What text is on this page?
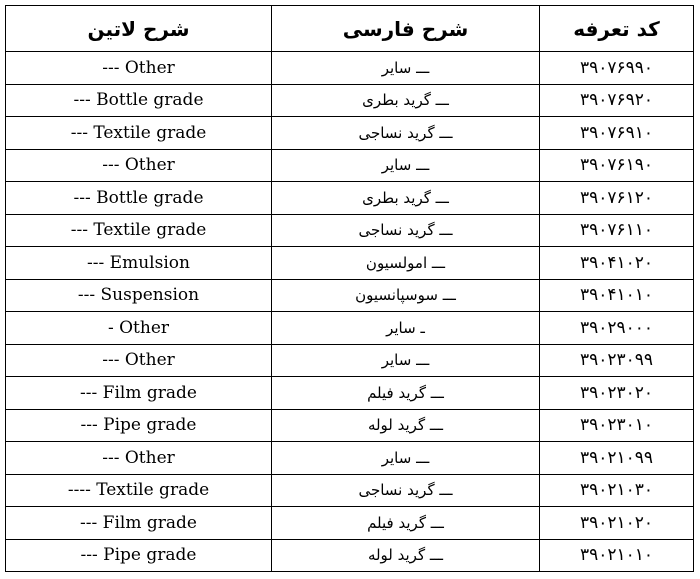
شرح لاتین	شرح فارسی	کد تعرفه
--- Other	ـــ سایر	۳۹۰۷۶۹۹۰
--- Bottle grade	ـــ گرید بطری	۳۹۰۷۶۹۲۰
--- Textile grade	ـــ گرید نساجی	۳۹۰۷۶۹۱۰
--- Other	ـــ سایر	۳۹۰۷۶۱۹۰
--- Bottle grade	ـــ گرید بطری	۳۹۰۷۶۱۲۰
--- Textile grade	ـــ گرید نساجی	۳۹۰۷۶۱۱۰
--- Emulsion	ـــ امولسیون	۳۹۰۴۱۰۲۰
--- Suspension	ـــ سوسپانسیون	۳۹۰۴۱۰۱۰
- Other	ـ سایر	۳۹۰۲۹۰۰۰
--- Other	ـــ سایر	۳۹۰۲۳۰۹۹
--- Film grade	ـــ گرید فیلم	۳۹۰۲۳۰۲۰
--- Pipe grade	ـــ گرید لوله	۳۹۰۲۳۰۱۰
--- Other	ـــ سایر	۳۹۰۲۱۰۹۹
---- Textile grade	ـــ گرید نساجی	۳۹۰۲۱۰۳۰
--- Film grade	ـــ گرید فیلم	۳۹۰۲۱۰۲۰
--- Pipe grade	ـــ گرید لوله	۳۹۰۲۱۰۱۰
